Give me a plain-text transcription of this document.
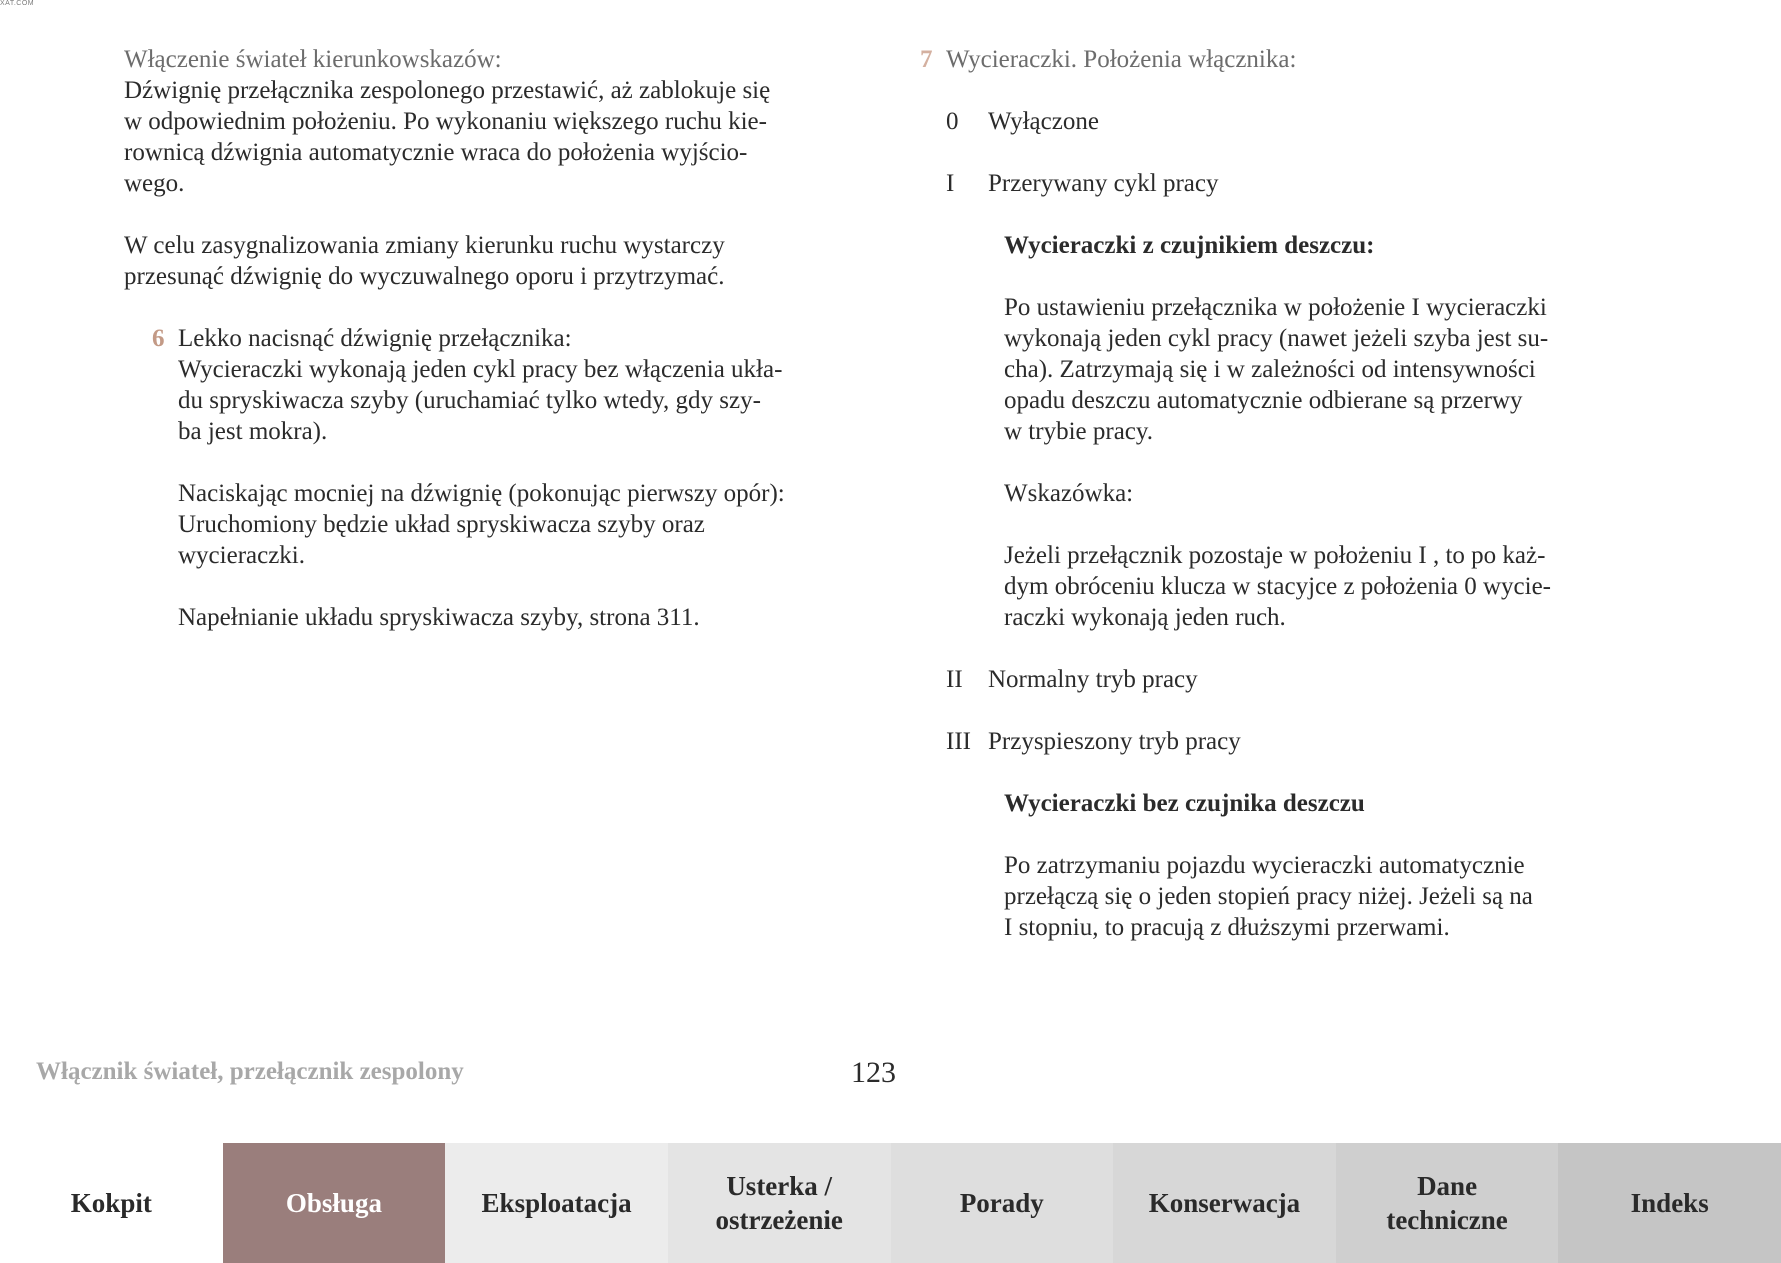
XAT.COM

Włączenie świateł kierunkowskazów:

Dźwignię przełącznika zespolonego przestawić, aż zablokuje się
w odpowiednim położeniu. Po wykonaniu większego ruchu kie-
rownicą dźwignia automatycznie wraca do położenia wyjścio-
wego.

W celu zasygnalizowania zmiany kierunku ruchu wystarczy
przesunąć dźwignię do wyczuwalnego oporu i przytrzymać.

6 Lekko nacisnąć dźwignię przełącznika:
Wycieraczki wykonają jeden cykl pracy bez włączenia ukła-
du spryskiwacza szyby (uruchamiać tylko wtedy, gdy szy-
ba jest mokra).

Naciskając mocniej na dźwignię (pokonując pierwszy opór):
Uruchomiony będzie układ spryskiwacza szyby oraz
wycieraczki.

Napełnianie układu spryskiwacza szyby, strona 311.

7 Wycieraczki. Położenia włącznika:

0	Wyłączone
I	Przerywany cykl pracy

Wycieraczki z czujnikiem deszczu:

Po ustawieniu przełącznika w położenie I wycieraczki
wykonają jeden cykl pracy (nawet jeżeli szyba jest su-
cha). Zatrzymają się i w zależności od intensywności
opadu deszczu automatycznie odbierane są przerwy
w trybie pracy.

Wskazówka:

Jeżeli przełącznik pozostaje w położeniu I , to po każ-
dym obróceniu klucza w stacyjce z położenia 0 wycie-
raczki wykonają jeden ruch.

II	Normalny tryb pracy
III Przyspieszony tryb pracy

Wycieraczki bez czujnika deszczu

Po zatrzymaniu pojazdu wycieraczki automatycznie
przełączą się o jeden stopień pracy niżej. Jeżeli są na
I stopniu, to pracują z dłuższymi przerwami.

Włącznik świateł, przełącznik zespolony	123
Kokpit	Obsługa	Eksploatacja
Usterka /
ostrzeżenie
Porady	Konserwacja
Dane
techniczne
Indeks
